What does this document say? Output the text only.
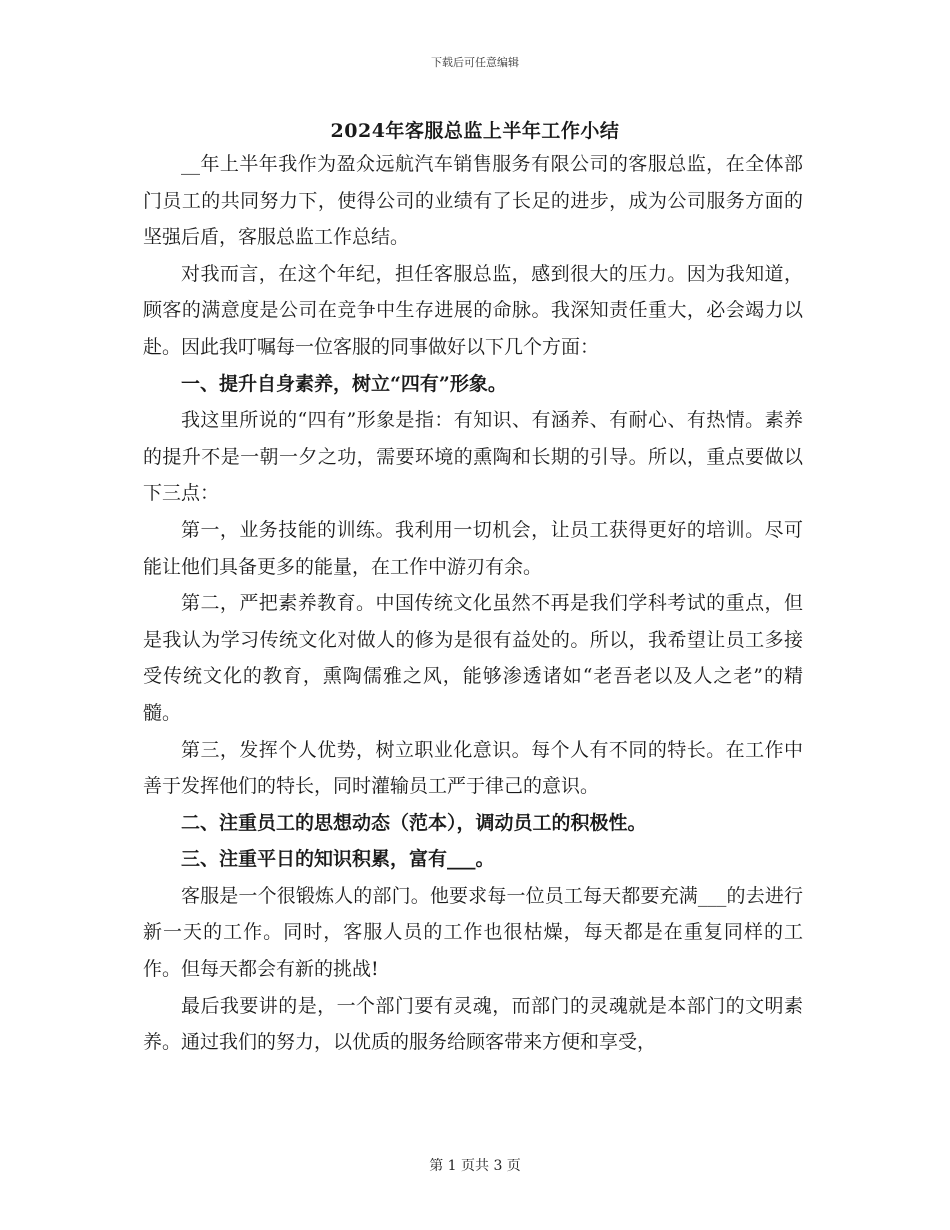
下载后可任意编辑
2024年客服总监上半年工作小结

__年上半年我作为盈众远航汽车销售服务有限公司的客服总监，在全体部门员工的共同努力下，使得公司的业绩有了长足的进步，成为公司服务方面的坚强后盾，客服总监工作总结。

对我而言，在这个年纪，担任客服总监，感到很大的压力。因为我知道，顾客的满意度是公司在竞争中生存进展的命脉。我深知责任重大，必会竭力以赴。因此我叮嘱每一位客服的同事做好以下几个方面：

一、提升自身素养，树立“四有”形象。

我这里所说的“四有”形象是指：有知识、有涵养、有耐心、有热情。素养的提升不是一朝一夕之功，需要环境的熏陶和长期的引导。所以，重点要做以下三点：

第一，业务技能的训练。我利用一切机会，让员工获得更好的培训。尽可能让他们具备更多的能量，在工作中游刃有余。

第二，严把素养教育。中国传统文化虽然不再是我们学科考试的重点，但是我认为学习传统文化对做人的修为是很有益处的。所以，我希望让员工多接受传统文化的教育，熏陶儒雅之风，能够渗透诸如“老吾老以及人之老”的精髓。

第三，发挥个人优势，树立职业化意识。每个人有不同的特长。在工作中善于发挥他们的特长，同时灌输员工严于律己的意识。

二、注重员工的思想动态（范本），调动员工的积极性。

三、注重平日的知识积累，富有___。

客服是一个很锻炼人的部门。他要求每一位员工每天都要充满___的去进行新一天的工作。同时，客服人员的工作也很枯燥，每天都是在重复同样的工作。但每天都会有新的挑战!

最后我要讲的是，一个部门要有灵魂，而部门的灵魂就是本部门的文明素养。通过我们的努力，以优质的服务给顾客带来方便和享受，

第 1 页共 3 页
